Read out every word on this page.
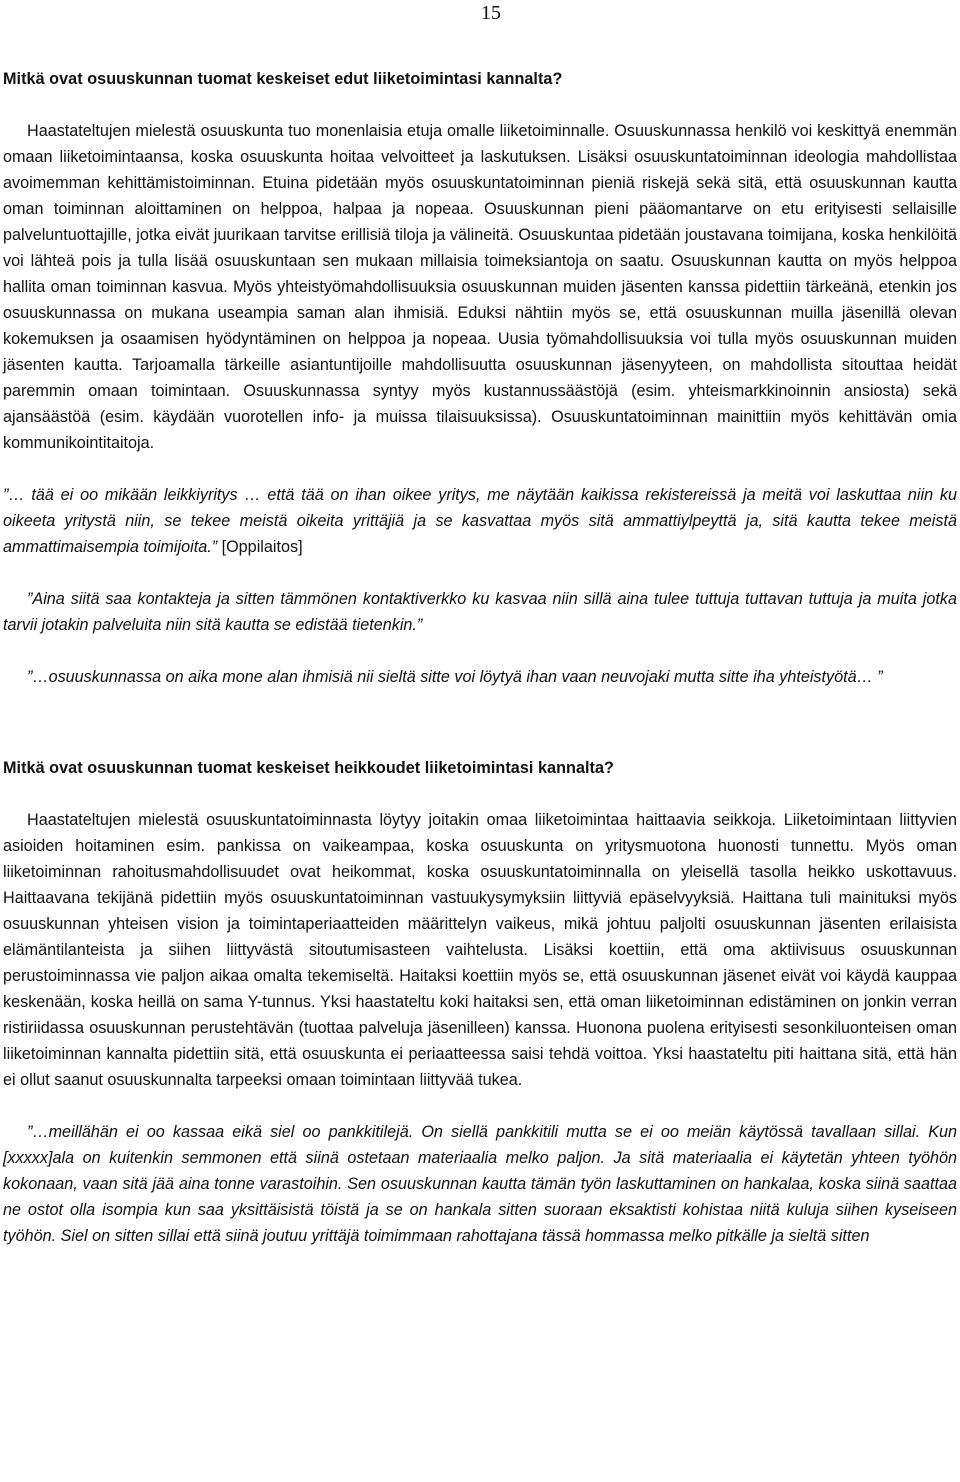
15
Mitkä ovat osuuskunnan tuomat keskeiset edut liiketoimintasi kannalta?

Haastateltujen mielestä osuuskunta tuo monenlaisia etuja omalle liiketoiminnalle. Osuuskunnassa henkilö voi keskittyä enemmän omaan liiketoimintaansa, koska osuuskunta hoitaa velvoitteet ja laskutuksen. Lisäksi osuuskuntatoiminnan ideologia mahdollistaa avoimemman kehittämistoiminnan. Etuina pidetään myös osuuskuntatoiminnan pieniä riskejä sekä sitä, että osuuskunnan kautta oman toiminnan aloittaminen on helppoa, halpaa ja nopeaa. Osuuskunnan pieni pääomantarve on etu erityisesti sellaisille palveluntuottajille, jotka eivät juurikaan tarvitse erillisiä tiloja ja välineitä. Osuuskuntaa pidetään joustavana toimijana, koska henkilöitä voi lähteä pois ja tulla lisää osuuskuntaan sen mukaan millaisia toimeksiantoja on saatu. Osuuskunnan kautta on myös helppoa hallita oman toiminnan kasvua. Myös yhteistyömahdollisuuksia osuuskunnan muiden jäsenten kanssa pidettiin tärkeänä, etenkin jos osuuskunnassa on mukana useampia saman alan ihmisiä. Eduksi nähtiin myös se, että osuuskunnan muilla jäsenillä olevan kokemuksen ja osaamisen hyödyntäminen on helppoa ja nopeaa. Uusia työmahdollisuuksia voi tulla myös osuuskunnan muiden jäsenten kautta. Tarjoamalla tärkeille asiantuntijoille mahdollisuutta osuuskunnan jäsenyyteen, on mahdollista sitouttaa heidät paremmin omaan toimintaan. Osuuskunnassa syntyy myös kustannussäästöjä (esim. yhteismarkkinoinnin ansiosta) sekä ajansäästöä (esim. käydään vuorotellen info- ja muissa tilaisuuksissa). Osuuskuntatoiminnan mainittiin myös kehittävän omia kommunikointitaitoja.

”… tää ei oo mikään leikkiyritys … että tää on ihan oikee yritys, me näytään kaikissa rekistereissä ja meitä voi laskuttaa niin ku oikeeta yritystä niin, se tekee meistä oikeita yrittäjiä ja se kasvattaa myös sitä ammattiylpeyttä ja, sitä kautta tekee meistä ammattimaisempia toimijoita.” [Oppilaitos]

”Aina siitä saa kontakteja ja sitten tämmönen kontaktiverkko ku kasvaa niin sillä aina tulee tuttuja tuttavan tuttuja ja muita jotka tarvii jotakin palveluita niin sitä kautta se edistää tietenkin.”

”…osuuskunnassa on aika mone alan ihmisiä nii sieltä sitte voi löytyä ihan vaan neuvojaki mutta sitte iha yhteistyötä… ”

Mitkä ovat osuuskunnan tuomat keskeiset heikkoudet liiketoimintasi kannalta?

Haastateltujen mielestä osuuskuntatoiminnasta löytyy joitakin omaa liiketoimintaa haittaavia seikkoja. Liiketoimintaan liittyvien asioiden hoitaminen esim. pankissa on vaikeampaa, koska osuuskunta on yritysmuotona huonosti tunnettu. Myös oman liiketoiminnan rahoitusmahdollisuudet ovat heikommat, koska osuuskuntatoiminnalla on yleisellä tasolla heikko uskottavuus. Haittaavana tekijänä pidettiin myös osuuskuntatoiminnan vastuukysymyksiin liittyviä epäselvyyksiä. Haittana tuli mainituksi myös osuuskunnan yhteisen vision ja toimintaperiaatteiden määrittelyn vaikeus, mikä johtuu paljolti osuuskunnan jäsenten erilaisista elämäntilanteista ja siihen liittyvästä sitoutumisasteen vaihtelusta. Lisäksi koettiin, että oma aktiivisuus osuuskunnan perustoiminnassa vie paljon aikaa omalta tekemiseltä. Haitaksi koettiin myös se, että osuuskunnan jäsenet eivät voi käydä kauppaa keskenään, koska heillä on sama Y-tunnus. Yksi haastateltu koki haitaksi sen, että oman liiketoiminnan edistäminen on jonkin verran ristiriidassa osuuskunnan perustehtävän (tuottaa palveluja jäsenilleen) kanssa. Huonona puolena erityisesti sesonkiluonteisen oman liiketoiminnan kannalta pidettiin sitä, että osuuskunta ei periaatteessa saisi tehdä voittoa. Yksi haastateltu piti haittana sitä, että hän ei ollut saanut osuuskunnalta tarpeeksi omaan toimintaan liittyvää tukea.

”…meillähän ei oo kassaa eikä siel oo pankkitilejä. On siellä pankkitili mutta se ei oo meiän käytössä tavallaan sillai. Kun [xxxxx]ala on kuitenkin semmonen että siinä ostetaan materiaalia melko paljon. Ja sitä materiaalia ei käytetän yhteen työhön kokonaan, vaan sitä jää aina tonne varastoihin. Sen osuuskunnan kautta tämän työn laskuttaminen on hankalaa, koska siinä saattaa ne ostot olla isompia kun saa yksittäisistä töistä ja se on hankala sitten suoraan eksaktisti kohistaa niitä kuluja siihen kyseiseen työhön. Siel on sitten sillai että siinä joutuu yrittäjä toimimmaan rahottajana tässä hommassa melko pitkälle ja sieltä sitten
